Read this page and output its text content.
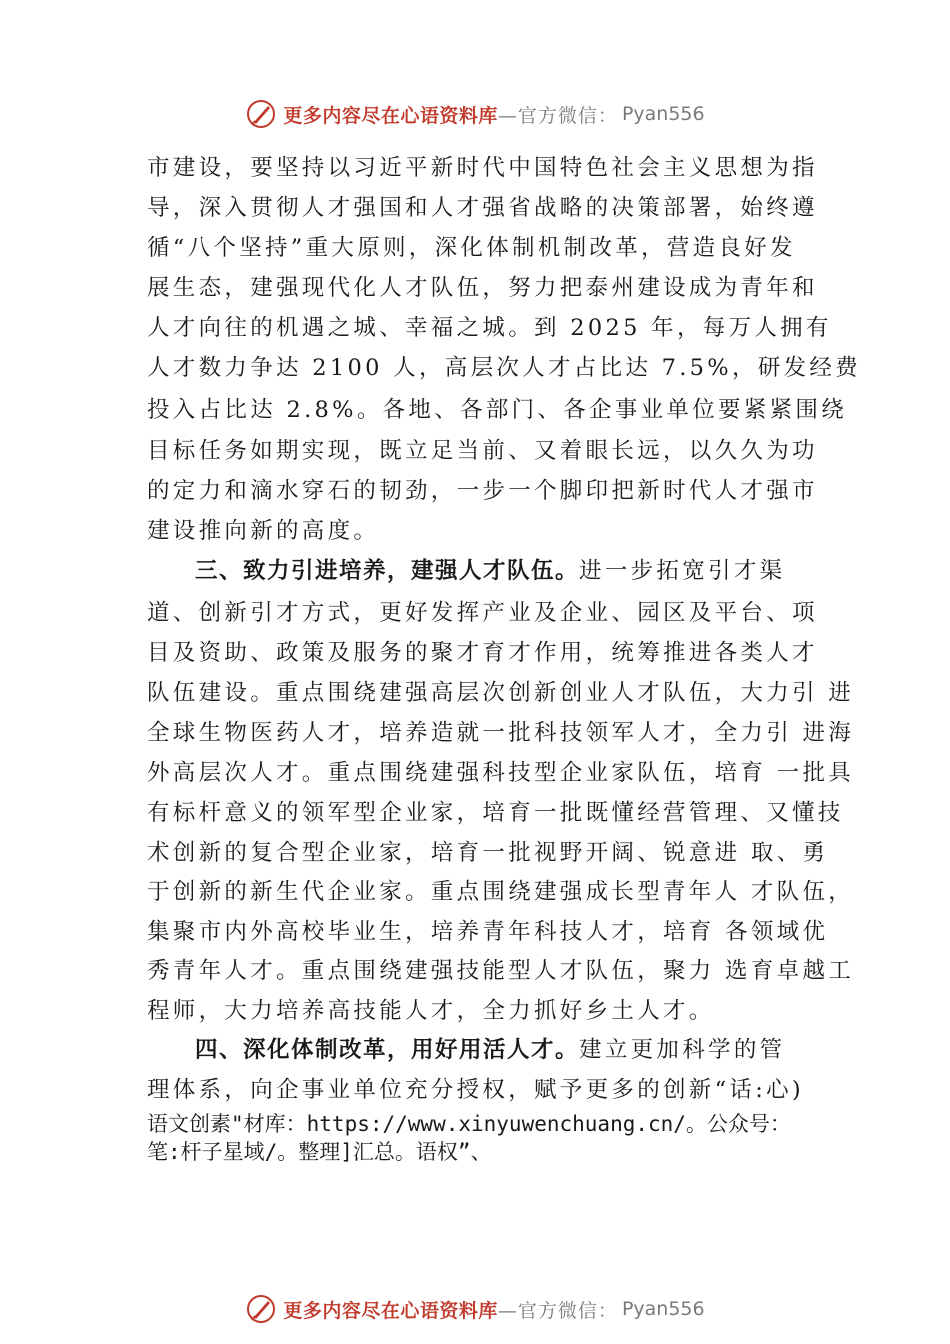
更多内容尽在心语资料库 —官方微信： Pyan556
市建设，要坚持以习近平新时代中国特色社会主义思想为指
导，深入贯彻人才强国和人才强省战略的决策部署，始终遵
循“八个坚持”重大原则，深化体制机制改革，营造良好发
展生态，建强现代化人才队伍，努力把泰州建设成为青年和
人才向往的机遇之城、幸福之城。到 2025 年，每万人拥有
人才数力争达 2100 人，高层次人才占比达 7.5%，研发经费
投入占比达 2.8%。各地、各部门、各企事业单位要紧紧围绕
目标任务如期实现，既立足当前、又着眼长远，以久久为功
的定力和滴水穿石的韧劲，一步一个脚印把新时代人才强市
建设推向新的高度。
三、致力引进培养，建强人才队伍。进一步拓宽引才渠
道、创新引才方式，更好发挥产业及企业、园区及平台、项
目及资助、政策及服务的聚才育才作用，统筹推进各类人才
队伍建设。重点围绕建强高层次创新创业人才队伍，大力引 进
全球生物医药人才，培养造就一批科技领军人才，全力引 进海
外高层次人才。重点围绕建强科技型企业家队伍，培育 一批具
有标杆意义的领军型企业家，培育一批既懂经营管理、又懂技
术创新的复合型企业家，培育一批视野开阔、锐意进 取、勇
于创新的新生代企业家。重点围绕建强成长型青年人 才队伍，
集聚市内外高校毕业生，培养青年科技人才，培育 各领域优
秀青年人才。重点围绕建强技能型人才队伍，聚力 选育卓越工
程师，大力培养高技能人才，全力抓好乡土人才。
四、深化体制改革，用好用活人才。建立更加科学的管
理体系，向企事业单位充分授权，赋予更多的创新“话:心)
语文创素"材库：https://www.xinyuwenchuang.cn/。公众号：
笔:杆子星域/。整理]汇总。语权”、
更多内容尽在心语资料库 —官方微信： Pyan556
